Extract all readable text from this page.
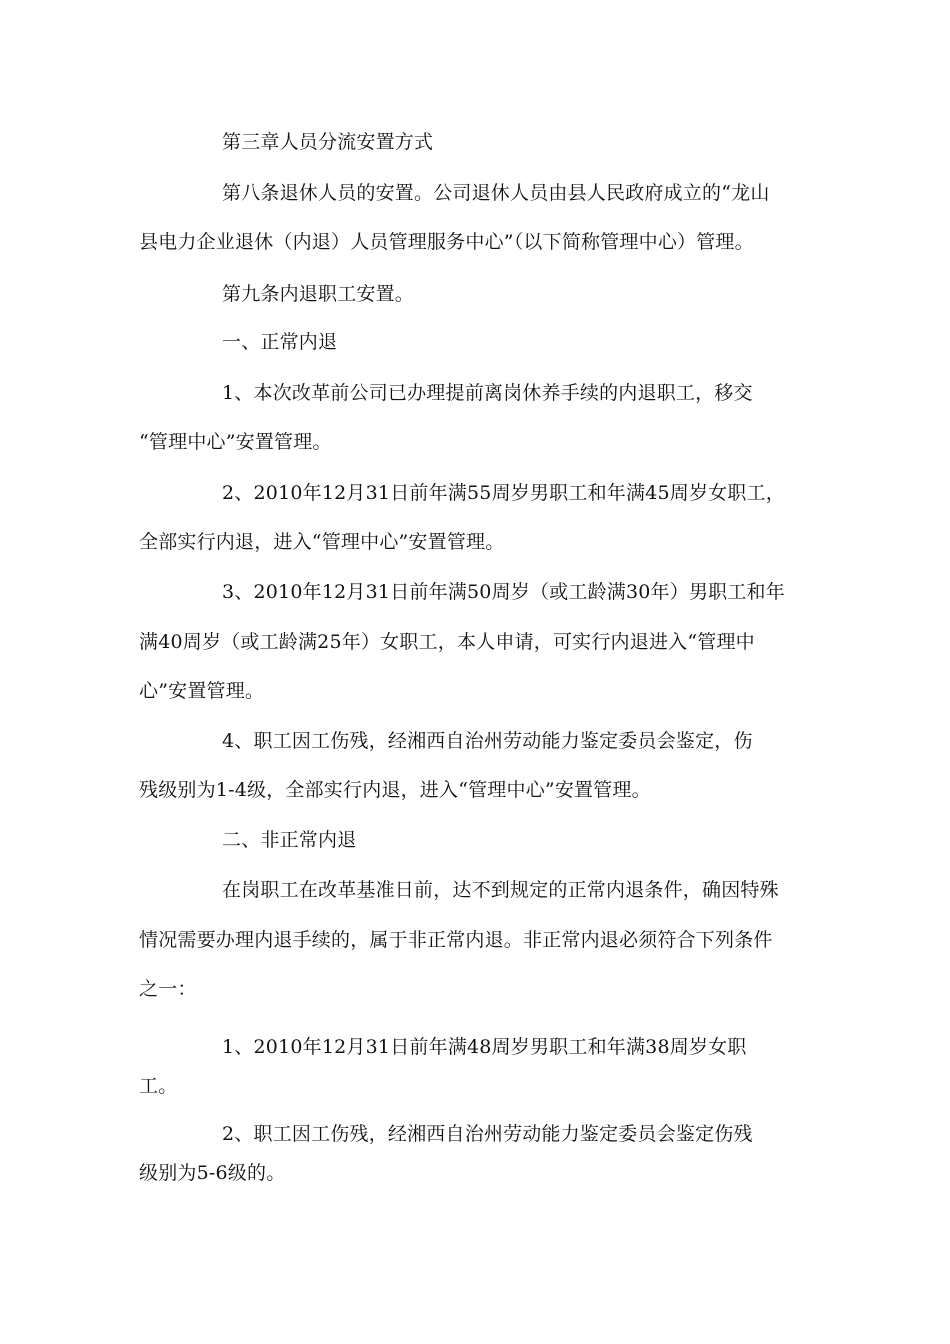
第三章人员分流安置方式
第八条退休人员的安置。公司退休人员由县人民政府成立的“龙山
县电力企业退休（内退）人员管理服务中心”（以下简称管理中心）管理。
第九条内退职工安置。
一、正常内退
1、本次改革前公司已办理提前离岗休养手续的内退职工，移交
“管理中心”安置管理。
2、2010年12月31日前年满55周岁男职工和年满45周岁女职工，
全部实行内退，进入“管理中心”安置管理。
3、2010年12月31日前年满50周岁（或工龄满30年）男职工和年
满40周岁（或工龄满25年）女职工，本人申请，可实行内退进入“管理中
心”安置管理。
4、职工因工伤残，经湘西自治州劳动能力鉴定委员会鉴定，伤
残级别为1-4级，全部实行内退，进入“管理中心”安置管理。
二、非正常内退
在岗职工在改革基准日前，达不到规定的正常内退条件，确因特殊
情况需要办理内退手续的，属于非正常内退。非正常内退必须符合下列条件
之一：
1、2010年12月31日前年满48周岁男职工和年满38周岁女职
工。
2、职工因工伤残，经湘西自治州劳动能力鉴定委员会鉴定伤残
级别为5-6级的。
